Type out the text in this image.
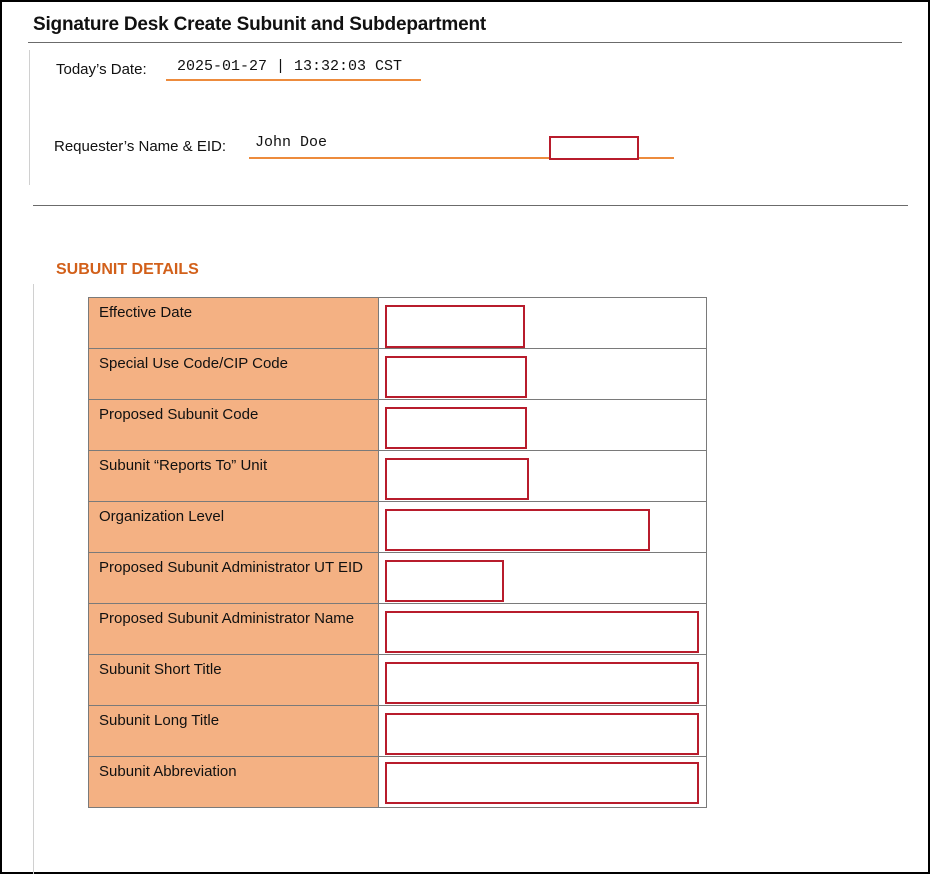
Signature Desk Create Subunit and Subdepartment
Today’s Date: 2025-01-27 | 13:32:03 CST
Requester’s Name & EID: John Doe
SUBUNIT DETAILS
Effective Date	

Special Use Code/CIP Code	

Proposed Subunit Code	

Subunit “Reports To” Unit	

Organization Level	

Proposed Subunit Administrator UT EID	

Proposed Subunit Administrator Name	

Subunit Short Title	

Subunit Long Title	

Subunit Abbreviation	
